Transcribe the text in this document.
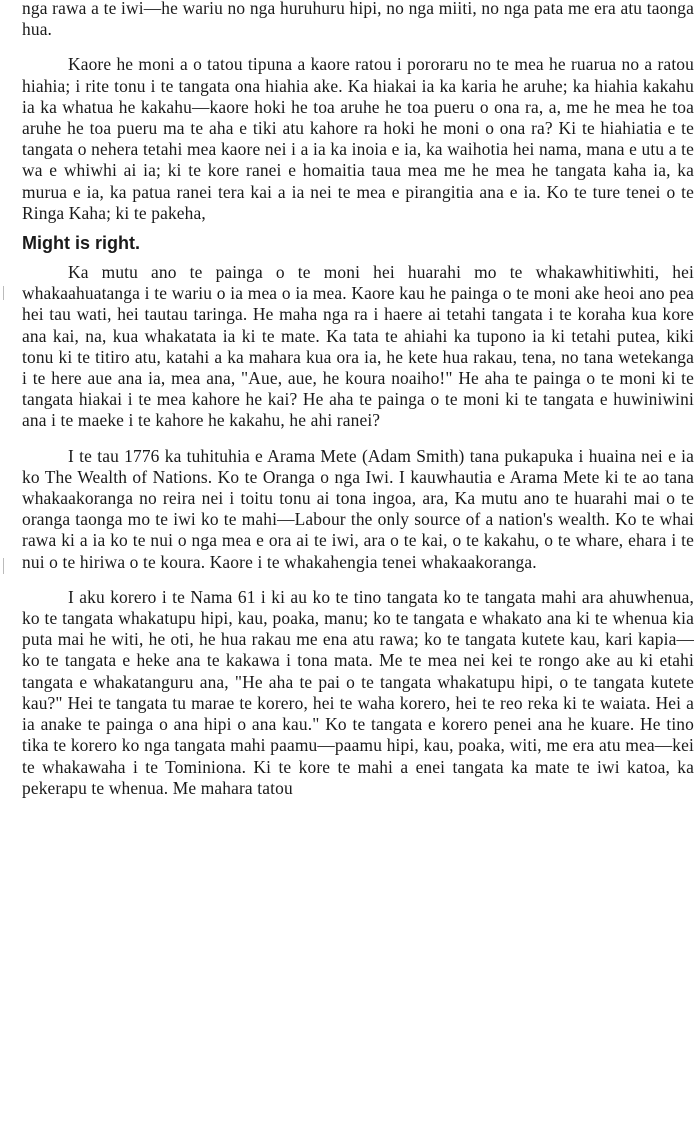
nga rawa a te iwi—he wariu no nga huruhuru hipi, no nga miiti, no nga pata me era atu taonga hua.

Kaore he moni a o tatou tipuna a kaore ratou i pororaru no te mea he ruarua no a ratou hiahia; i rite tonu i te tangata ona hiahia ake. Ka hiakai ia ka karia he aruhe; ka hiahia kakahu ia ka whatua he kakahu—kaore hoki he toa aruhe he toa pueru o ona ra, a, me he mea he toa aruhe he toa pueru ma te aha e tiki atu kahore ra hoki he moni o ona ra? Ki te hiahiatia e te tangata o nehera tetahi mea kaore nei i a ia ka inoia e ia, ka waihotia hei nama, mana e utu a te wa e whiwhi ai ia; ki te kore ranei e homaitia taua mea me he mea he tangata kaha ia, ka murua e ia, ka patua ranei tera kai a ia nei te mea e pirangitia ana e ia. Ko te ture tenei o te Ringa Kaha; ki te pakeha,

Might is right.

Ka mutu ano te painga o te moni hei huarahi mo te whakawhitiwhiti, hei whakaahuatanga i te wariu o ia mea o ia mea. Kaore kau he painga o te moni ake heoi ano pea hei tau wati, hei tautau taringa. He maha nga ra i haere ai tetahi tangata i te koraha kua kore ana kai, na, kua whakatata ia ki te mate. Ka tata te ahiahi ka tupono ia ki tetahi putea, kiki tonu ki te titiro atu, katahi a ka mahara kua ora ia, he kete hua rakau, tena, no tana wetekanga i te here aue ana ia, mea ana, "Aue, aue, he koura noaiho!" He aha te painga o te moni ki te tangata hiakai i te mea kahore he kai? He aha te painga o te moni ki te tangata e huwiniwini ana i te maeke i te kahore he kakahu, he ahi ranei?

I te tau 1776 ka tuhituhia e Arama Mete (Adam Smith) tana pukapuka i huaina nei e ia ko The Wealth of Nations. Ko te Oranga o nga Iwi. I kauwhautia e Arama Mete ki te ao tana whakaakoranga no reira nei i toitu tonu ai tona ingoa, ara, Ka mutu ano te huarahi mai o te oranga taonga mo te iwi ko te mahi—Labour the only source of a nation's wealth. Ko te whai rawa ki a ia ko te nui o nga mea e ora ai te iwi, ara o te kai, o te kakahu, o te whare, ehara i te nui o te hiriwa o te koura. Kaore i te whakahengia tenei whakaakoranga.

I aku korero i te Nama 61 i ki au ko te tino tangata ko te tangata mahi ara ahuwhenua, ko te tangata whakatupu hipi, kau, poaka, manu; ko te tangata e whakato ana ki te whenua kia puta mai he witi, he oti, he hua rakau me ena atu rawa; ko te tangata kutete kau, kari kapia—ko te tangata e heke ana te kakawa i tona mata. Me te mea nei kei te rongo ake au ki etahi tangata e whakatanguru ana, "He aha te pai o te tangata whakatupu hipi, o te tangata kutete kau?" Hei te tangata tu marae te korero, hei te waha korero, hei te reo reka ki te waiata. Hei a ia anake te painga o ana hipi o ana kau." Ko te tangata e korero penei ana he kuare. He tino tika te korero ko nga tangata mahi paamu—paamu hipi, kau, poaka, witi, me era atu mea—kei te whakawaha i te Tominiona. Ki te kore te mahi a enei tangata ka mate te iwi katoa, ka pekerapu te whenua. Me mahara tatou
